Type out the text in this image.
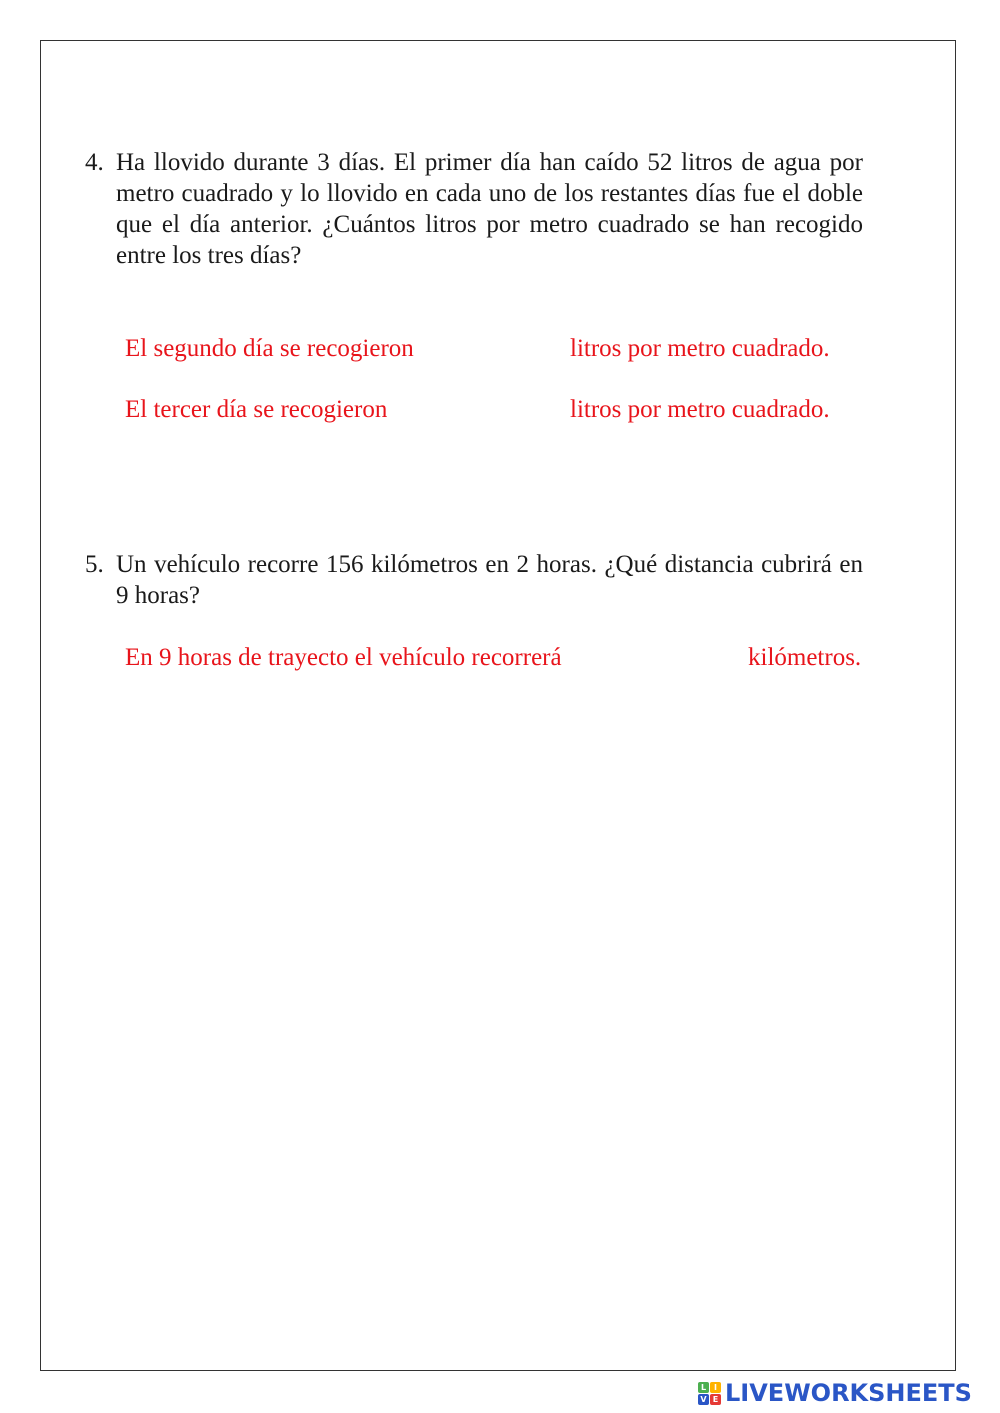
4. Ha llovido durante 3 días. El primer día han caído 52 litros de agua por metro cuadrado y lo llovido en cada uno de los restantes días fue el doble que el día anterior. ¿Cuántos litros por metro cuadrado se han recogido entre los tres días?
El segundo día se recogieron	litros por metro cuadrado.
El tercer día se recogieron	litros por metro cuadrado.
5. Un vehículo recorre 156 kilómetros en 2 horas. ¿Qué distancia cubrirá en 9 horas?
En 9 horas de trayecto el vehículo recorrerá	kilómetros.
L I
V E LIVEWORKSHEETS
